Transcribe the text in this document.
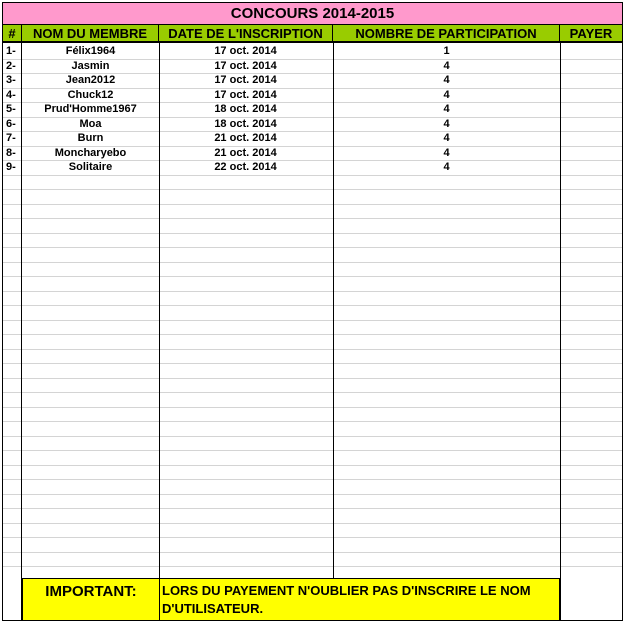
CONCOURS 2014-2015
#	NOM DU MEMBRE	DATE DE L'INSCRIPTION	NOMBRE DE PARTICIPATION	PAYER
1-	Félix1964	17 oct. 2014	1
2-	Jasmin	17 oct. 2014	4
3-	Jean2012	17 oct. 2014	4
4-	Chuck12	17 oct. 2014	4
5-	Prud'Homme1967	18 oct. 2014	4
6-	Moa	18 oct. 2014	4
7-	Burn	21 oct. 2014	4
8-	Moncharyebo	21 oct. 2014	4
9-	Solitaire	22 oct. 2014	4
IMPORTANT:	LORS DU PAYEMENT N'OUBLIER PAS D'INSCRIRE LE NOM D'UTILISATEUR.
